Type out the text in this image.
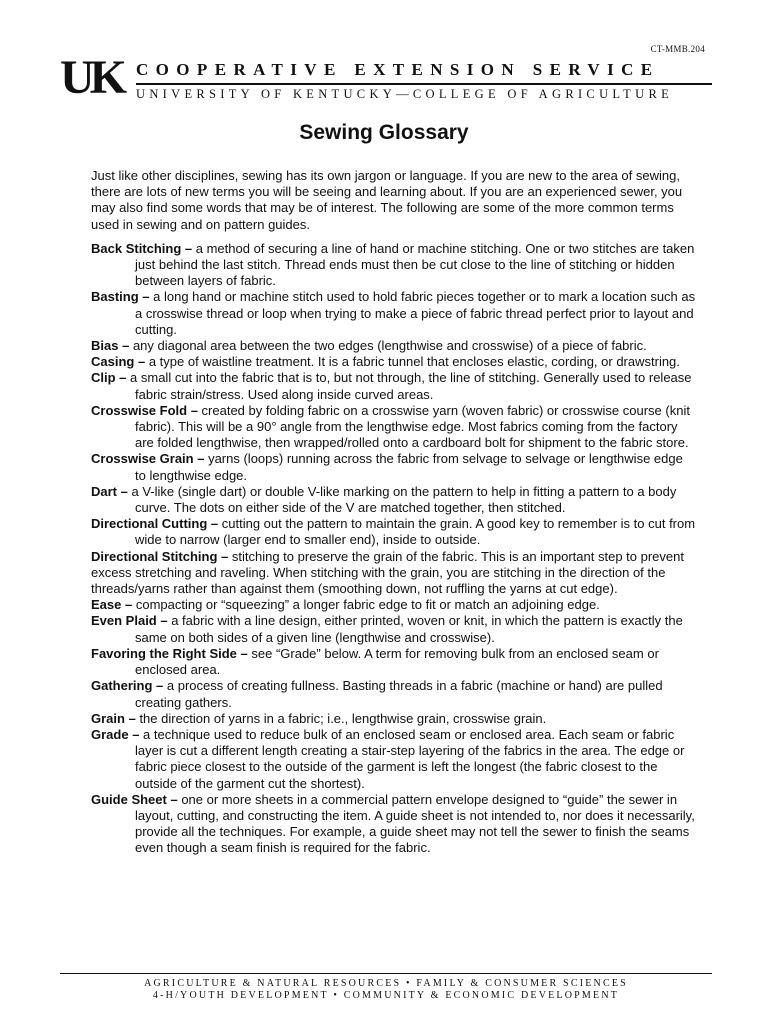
CT-MMB.204
UK COOPERATIVE EXTENSION SERVICE
UNIVERSITY OF KENTUCKY—COLLEGE OF AGRICULTURE
Sewing Glossary

Just like other disciplines, sewing has its own jargon or language. If you are new to the area of sewing, there are lots of new terms you will be seeing and learning about. If you are an experienced sewer, you may also find some words that may be of interest. The following are some of the more common terms used in sewing and on pattern guides.

Back Stitching – a method of securing a line of hand or machine stitching. One or two stitches are taken just behind the last stitch. Thread ends must then be cut close to the line of stitching or hidden between layers of fabric.

Basting – a long hand or machine stitch used to hold fabric pieces together or to mark a location such as a crosswise thread or loop when trying to make a piece of fabric thread perfect prior to layout and cutting.

Bias – any diagonal area between the two edges (lengthwise and crosswise) of a piece of fabric.

Casing – a type of waistline treatment. It is a fabric tunnel that encloses elastic, cording, or drawstring.

Clip – a small cut into the fabric that is to, but not through, the line of stitching. Generally used to release fabric strain/stress. Used along inside curved areas.

Crosswise Fold – created by folding fabric on a crosswise yarn (woven fabric) or crosswise course (knit fabric). This will be a 90° angle from the lengthwise edge. Most fabrics coming from the factory are folded lengthwise, then wrapped/rolled onto a cardboard bolt for shipment to the fabric store.

Crosswise Grain – yarns (loops) running across the fabric from selvage to selvage or lengthwise edge to lengthwise edge.

Dart – a V-like (single dart) or double V-like marking on the pattern to help in fitting a pattern to a body curve. The dots on either side of the V are matched together, then stitched.

Directional Cutting – cutting out the pattern to maintain the grain. A good key to remember is to cut from wide to narrow (larger end to smaller end), inside to outside.

Directional Stitching – stitching to preserve the grain of the fabric. This is an important step to prevent excess stretching and raveling. When stitching with the grain, you are stitching in the direction of the threads/yarns rather than against them (smoothing down, not ruffling the yarns at cut edge).

Ease – compacting or “squeezing” a longer fabric edge to fit or match an adjoining edge.

Even Plaid – a fabric with a line design, either printed, woven or knit, in which the pattern is exactly the same on both sides of a given line (lengthwise and crosswise).

Favoring the Right Side – see “Grade” below. A term for removing bulk from an enclosed seam or enclosed area.

Gathering – a process of creating fullness. Basting threads in a fabric (machine or hand) are pulled creating gathers.

Grain – the direction of yarns in a fabric; i.e., lengthwise grain, crosswise grain.

Grade – a technique used to reduce bulk of an enclosed seam or enclosed area. Each seam or fabric layer is cut a different length creating a stair-step layering of the fabrics in the area. The edge or fabric piece closest to the outside of the garment is left the longest (the fabric closest to the outside of the garment cut the shortest).

Guide Sheet – one or more sheets in a commercial pattern envelope designed to “guide” the sewer in layout, cutting, and constructing the item. A guide sheet is not intended to, nor does it necessarily, provide all the techniques. For example, a guide sheet may not tell the sewer to finish the seams even though a seam finish is required for the fabric.

AGRICULTURE & NATURAL RESOURCES • FAMILY & CONSUMER SCIENCES
4-H/YOUTH DEVELOPMENT • COMMUNITY & ECONOMIC DEVELOPMENT
